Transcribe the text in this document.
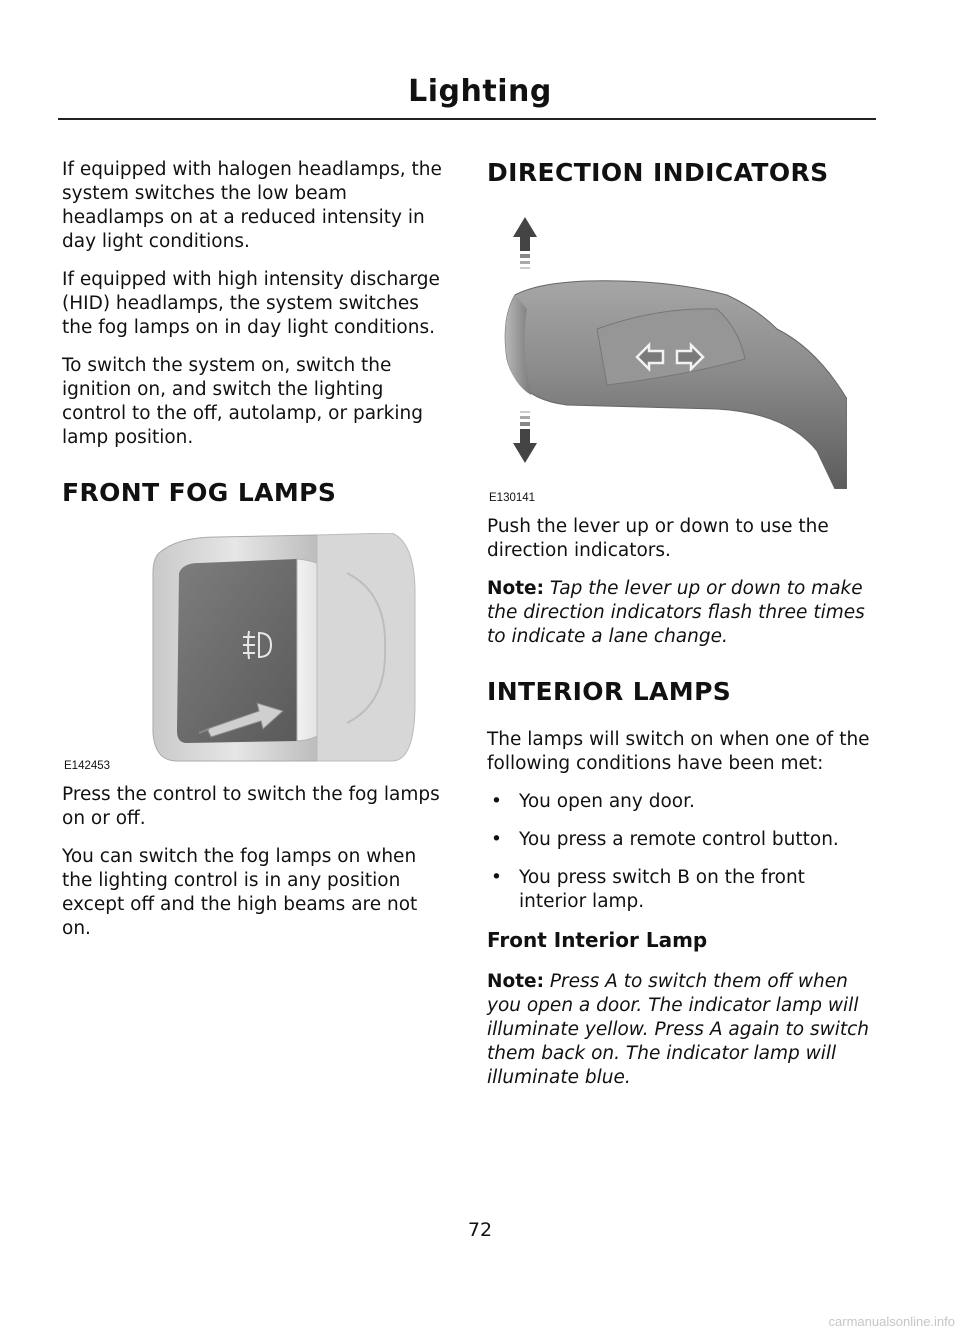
Lighting

If equipped with halogen headlamps, the system switches the low beam headlamps on at a reduced intensity in day light conditions.

If equipped with high intensity discharge (HID) headlamps, the system switches the fog lamps on in day light conditions.

To switch the system on, switch the ignition on, and switch the lighting control to the off, autolamp, or parking lamp position.

FRONT FOG LAMPS
E142453

Press the control to switch the fog lamps on or off.

You can switch the fog lamps on when the lighting control is in any position except off and the high beams are not on.

DIRECTION INDICATORS
E130141

Push the lever up or down to use the direction indicators.

Note: Tap the lever up or down to make the direction indicators flash three times to indicate a lane change.

INTERIOR LAMPS

The lamps will switch on when one of the following conditions have been met:

• You open any door.
• You press a remote control button.
• You press switch B on the front interior lamp.
Front Interior Lamp

Note: Press A to switch them off when you open a door. The indicator lamp will illuminate yellow. Press A again to switch them back on. The indicator lamp will illuminate blue.

72
carmanualsonline.info
